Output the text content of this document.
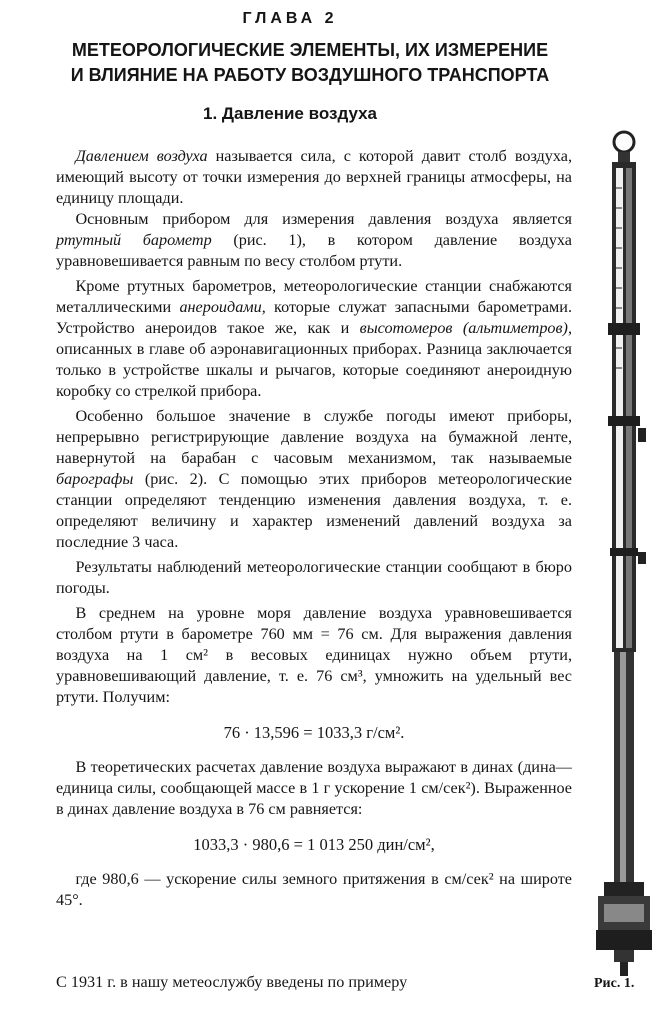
ГЛАВА 2
МЕТЕОРОЛОГИЧЕСКИЕ ЭЛЕМЕНТЫ, ИХ ИЗМЕРЕНИЕ
И ВЛИЯНИЕ НА РАБОТУ ВОЗДУШНОГО ТРАНСПОРТА
1. Давление воздуха

Давлением воздуха называется сила, с которой давит столб воздуха, имеющий высоту от точки измерения до верхней границы атмосферы, на единицу площади.

Основным прибором для измерения давления воздуха является ртутный барометр (рис. 1), в котором давление воздуха уравновешивается равным по весу столбом ртути.

Кроме ртутных барометров, метеорологические станции снабжаются металлическими анероидами, которые служат запасными барометрами. Устройство анероидов такое же, как и высотомеров (альтиметров), описанных в главе об аэронавигационных приборах. Разница заключается только в устройстве шкалы и рычагов, которые соединяют анероидную коробку со стрелкой прибора.

Особенно большое значение в службе погоды имеют приборы, непрерывно регистрирующие давление воздуха на бумажной ленте, навернутой на барабан с часовым механизмом, так называемые барографы (рис. 2). С помощью этих приборов метеорологические станции определяют тенденцию изменения давления воздуха, т. е. определяют величину и характер изменений давлений воздуха за последние 3 часа.

Результаты наблюдений метеорологические станции сообщают в бюро погоды.

В среднем на уровне моря давление воздуха уравновешивается столбом ртути в барометре 760 мм = 76 см. Для выражения давления воздуха на 1 см² в весовых единицах нужно объем ртути, уравновешивающий давление, т. е. 76 см³, умножить на удельный вес ртути. Получим:

76 · 13,596 = 1033,3 г/см².

В теоретических расчетах давление воздуха выражают в динах (дина—единица силы, сообщающей массе в 1 г ускорение 1 см/сек²). Выраженное в динах давление воздуха в 76 см равняется:

1033,3 · 980,6 = 1 013 250 дин/см²,

где 980,6 — ускорение силы земного притяжения в см/сек² на широте 45°.

С 1931 г. в нашу метеослужбу введены по примеру	Рис. 1.
